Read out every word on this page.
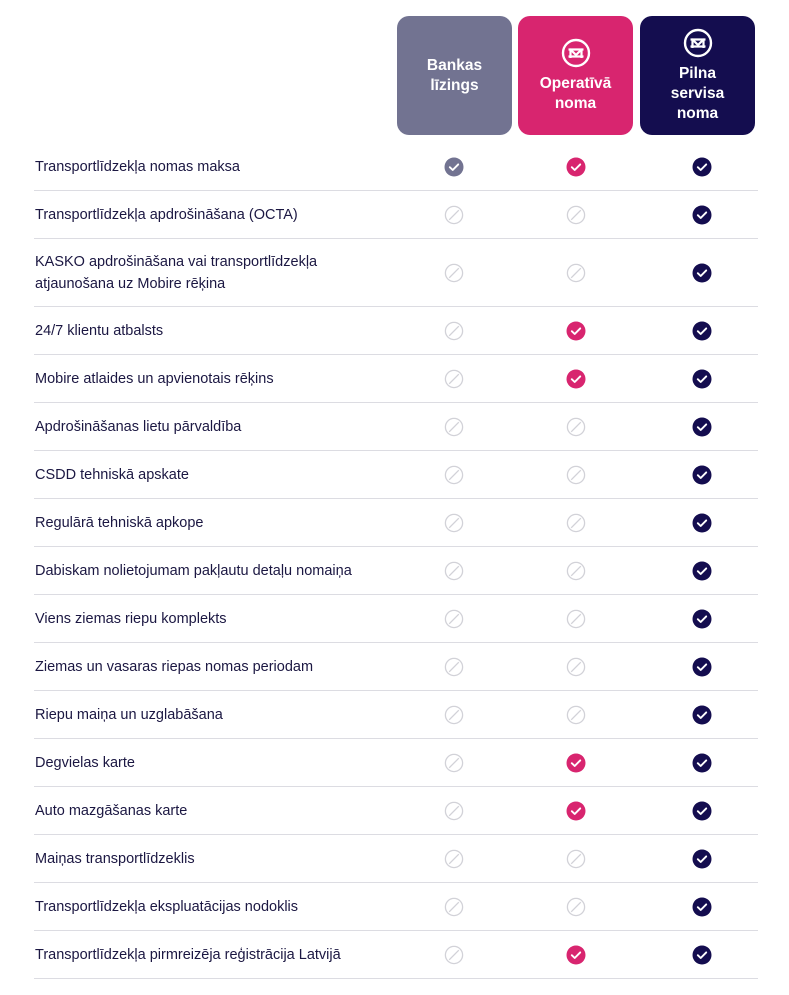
Bankas
līzings	Operatīvā
noma
Pilna
servisa
noma
Transportlīdzekļa nomas maksa
Transportlīdzekļa apdrošināšana (OCTA)
KASKO apdrošināšana vai transportlīdzekļa atjaunošana uz Mobire rēķina
24/7 klientu atbalsts
Mobire atlaides un apvienotais rēķins
Apdrošināšanas lietu pārvaldība
CSDD tehniskā apskate
Regulārā tehniskā apkope
Dabiskam nolietojumam pakļautu detaļu nomaiņa
Viens ziemas riepu komplekts
Ziemas un vasaras riepas nomas periodam
Riepu maiņa un uzglabāšana
Degvielas karte
Auto mazgāšanas karte
Maiņas transportlīdzeklis
Transportlīdzekļa ekspluatācijas nodoklis
Transportlīdzekļa pirmreizēja reģistrācija Latvijā
